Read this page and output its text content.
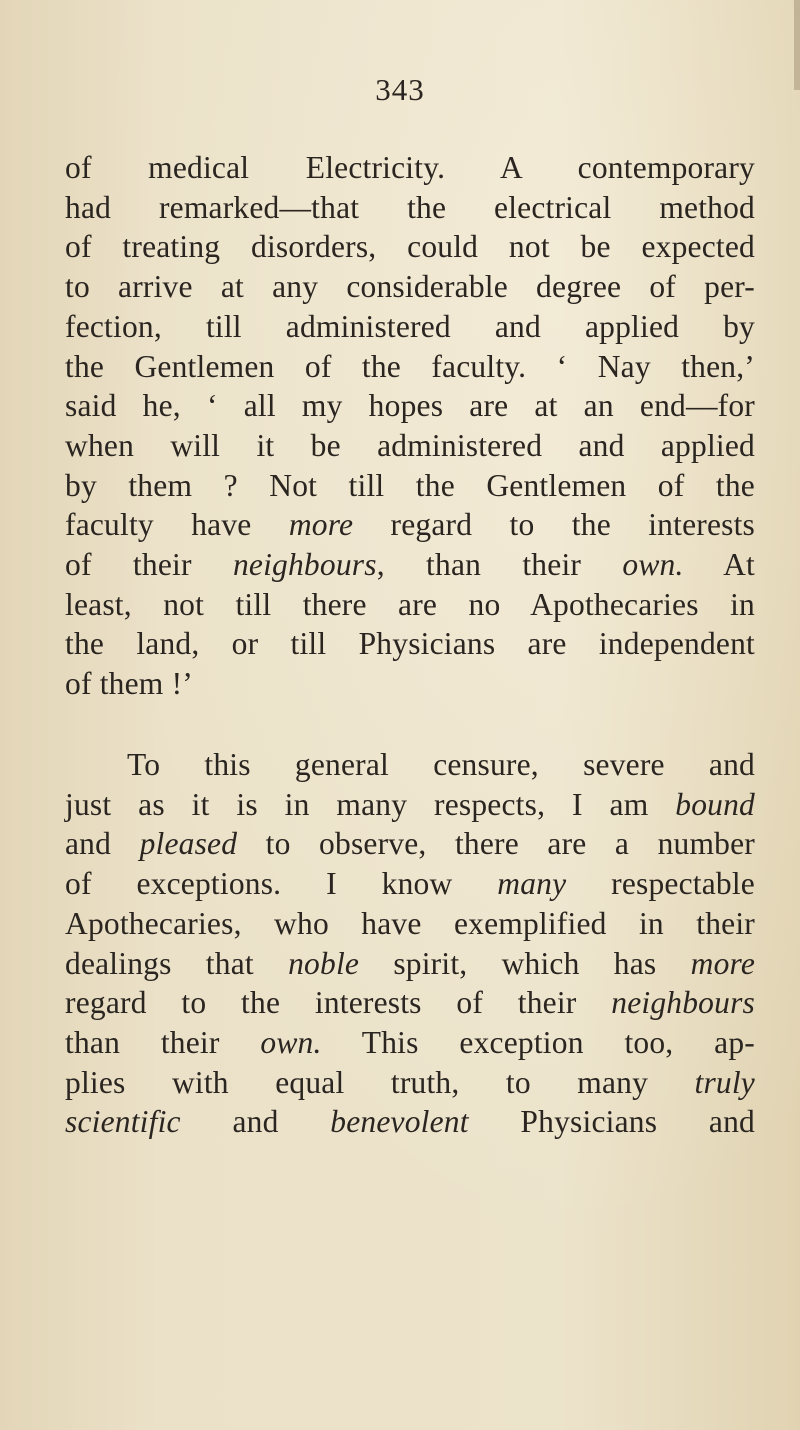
343
of medical Electricity. A contemporary
had remarked—that the electrical method
of treating disorders, could not be expected
to arrive at any considerable degree of per-
fection, till administered and applied by
the Gentlemen of the faculty. ‘ Nay then,’
said he, ‘ all my hopes are at an end—for
when will it be administered and applied
by them ? Not till the Gentlemen of the
faculty have more regard to the interests
of their neighbours, than their own. At
least, not till there are no Apothecaries in
the land, or till Physicians are independent
of them !’
To this general censure, severe and
just as it is in many respects, I am bound
and pleased to observe, there are a number
of exceptions. I know many respectable
Apothecaries, who have exemplified in their
dealings that noble spirit, which has more
regard to the interests of their neighbours
than their own. This exception too, ap-
plies with equal truth, to many truly
scientific and benevolent Physicians and
